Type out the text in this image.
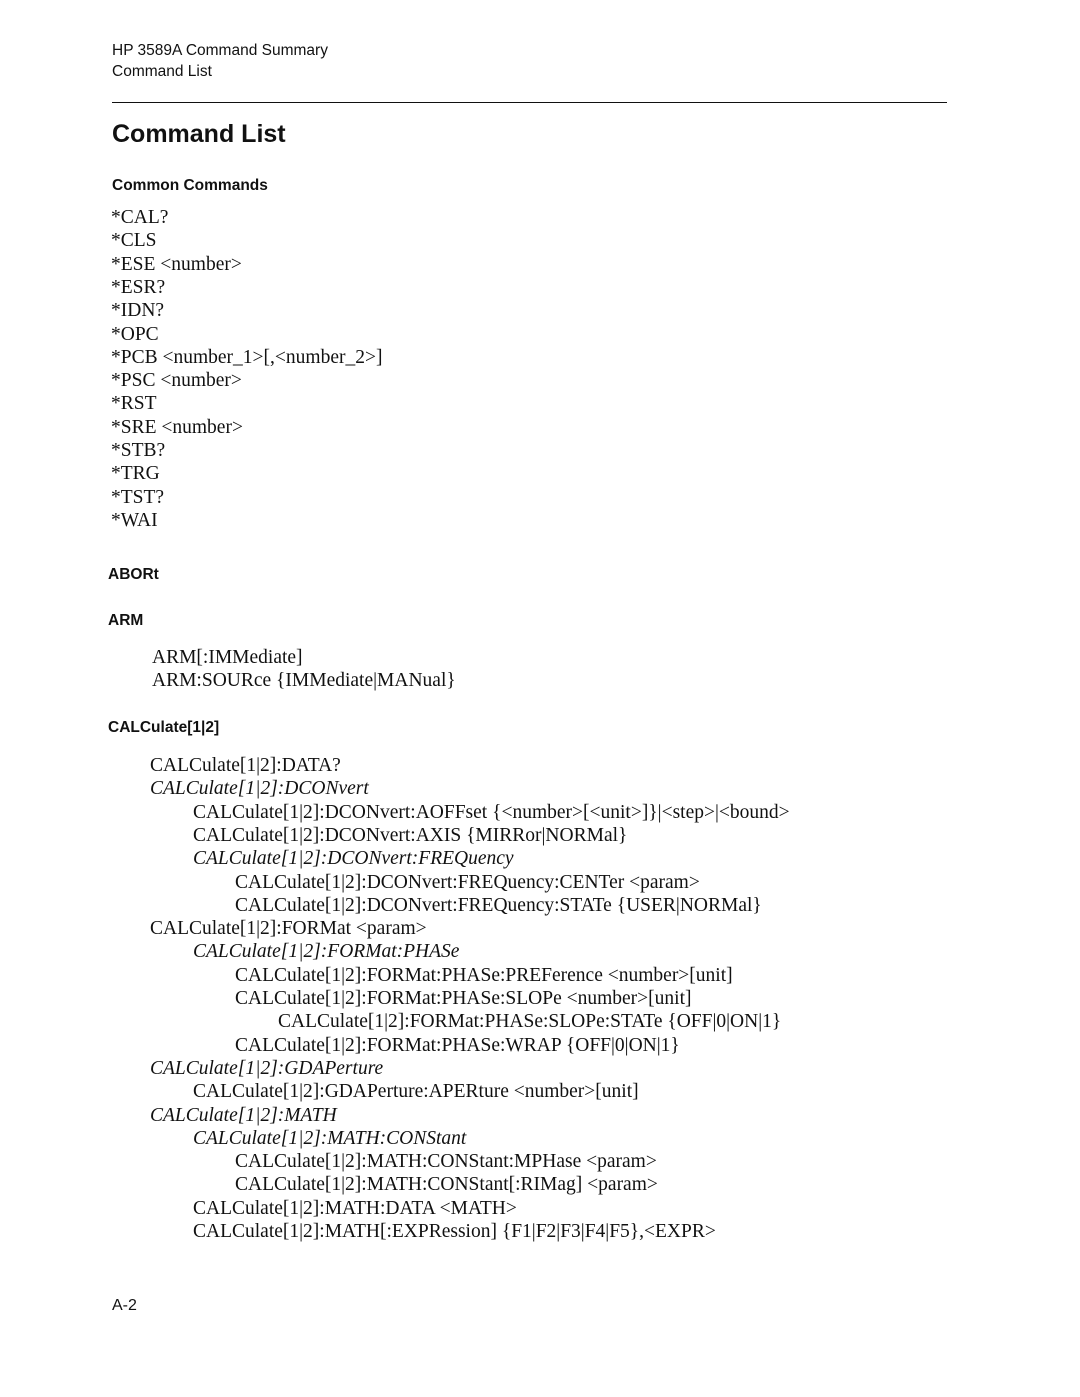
HP 3589A Command Summary
Command List
Command List
Common Commands
ABORt
ARM
CALCulate[1|2]
*CAL?
*CLS
*ESE <number>
*ESR?
*IDN?
*OPC
*PCB <number_1>[,<number_2>]
*PSC <number>
*RST
*SRE <number>
*STB?
*TRG
*TST?
*WAI
ARM[:IMMediate]
ARM:SOURce {IMMediate|MANual}
CALCulate[1|2]:DATA?
CALCulate[1|2]:DCONvert
CALCulate[1|2]:DCONvert:AOFFset {<number>[<unit>]}|<step>|<bound>
CALCulate[1|2]:DCONvert:AXIS {MIRRor|NORMal}
CALCulate[1|2]:DCONvert:FREQuency
CALCulate[1|2]:DCONvert:FREQuency:CENTer <param>
CALCulate[1|2]:DCONvert:FREQuency:STATe {USER|NORMal}
CALCulate[1|2]:FORMat <param>
CALCulate[1|2]:FORMat:PHASe
CALCulate[1|2]:FORMat:PHASe:PREFerence <number>[unit]
CALCulate[1|2]:FORMat:PHASe:SLOPe <number>[unit]
CALCulate[1|2]:FORMat:PHASe:SLOPe:STATe {OFF|0|ON|1}
CALCulate[1|2]:FORMat:PHASe:WRAP {OFF|0|ON|1}
CALCulate[1|2]:GDAPerture
CALCulate[1|2]:GDAPerture:APERture <number>[unit]
CALCulate[1|2]:MATH
CALCulate[1|2]:MATH:CONStant
CALCulate[1|2]:MATH:CONStant:MPHase <param>
CALCulate[1|2]:MATH:CONStant[:RIMag] <param>
CALCulate[1|2]:MATH:DATA <MATH>
CALCulate[1|2]:MATH[:EXPRession] {F1|F2|F3|F4|F5},<EXPR>
A-2
